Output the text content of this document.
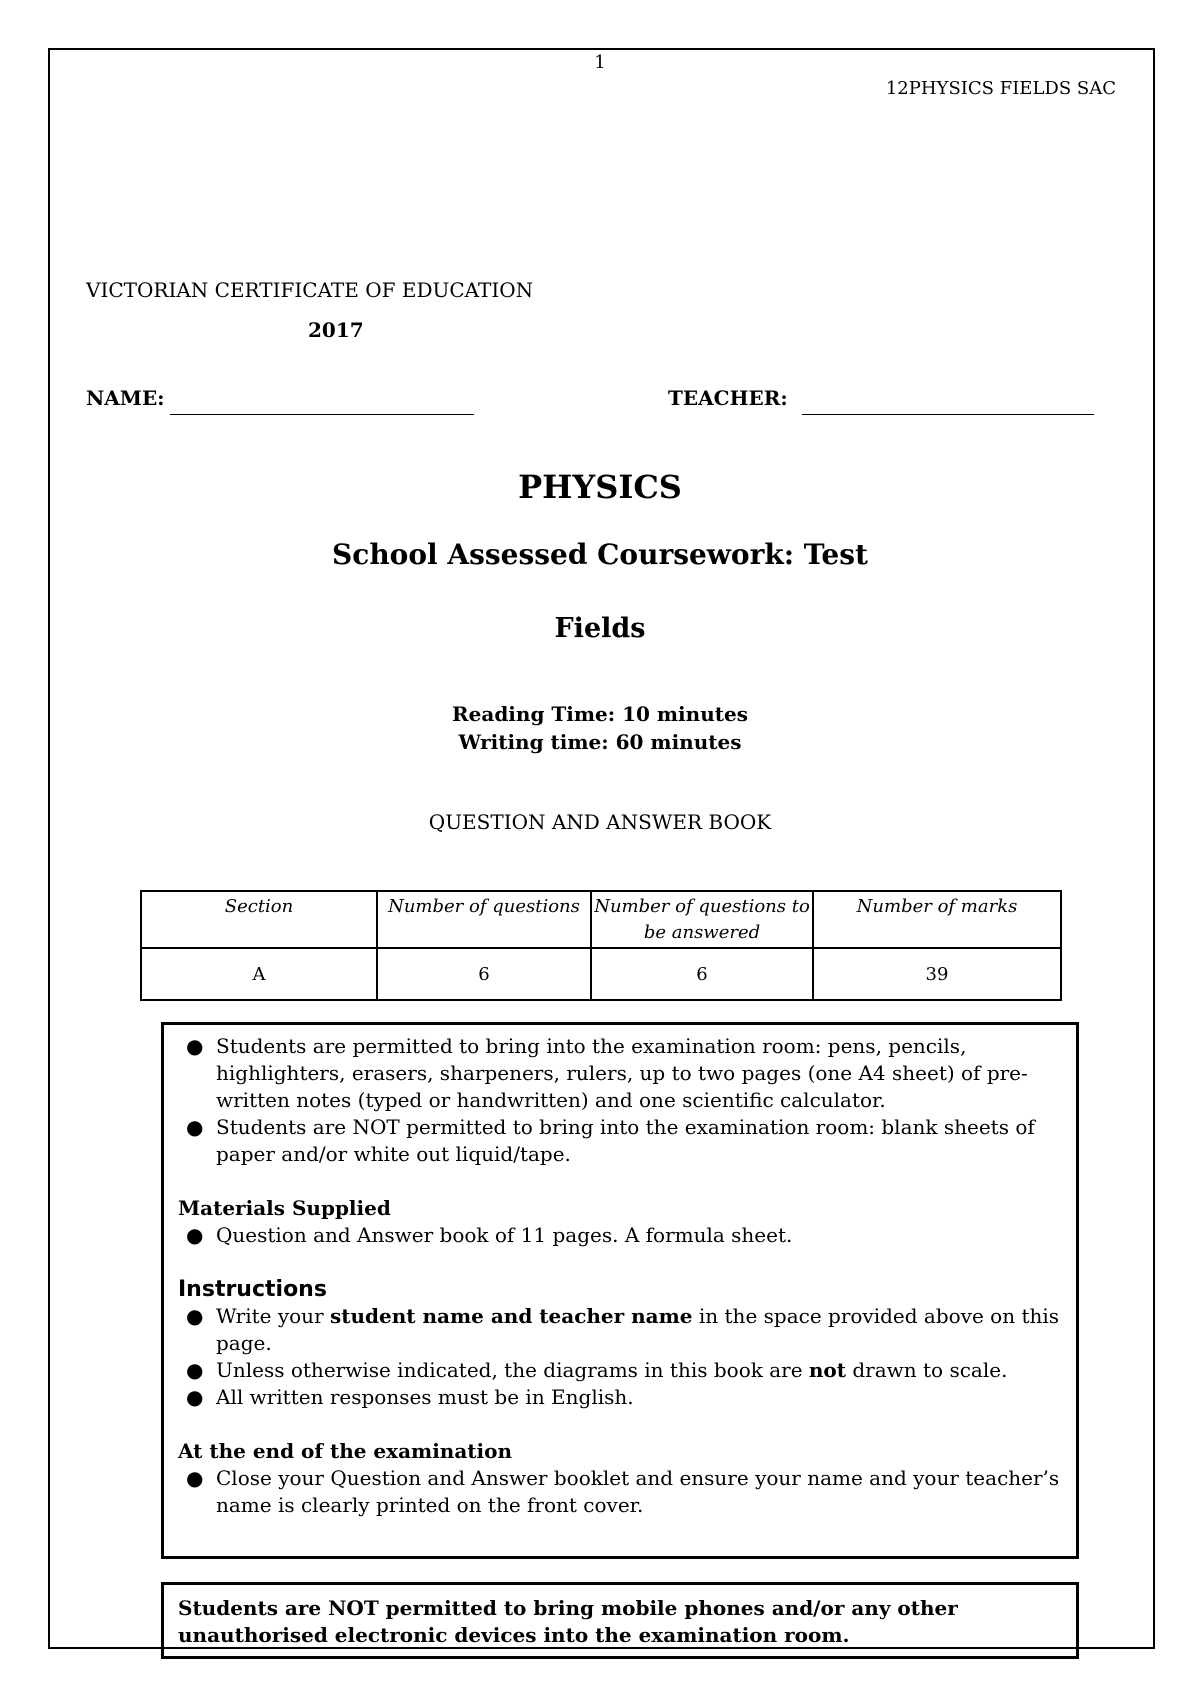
1
12PHYSICS FIELDS SAC
VICTORIAN CERTIFICATE OF EDUCATION
2017
NAME:	TEACHER:
PHYSICS
School Assessed Coursework: Test
Fields
Reading Time: 10 minutes
Writing time: 60 minutes
QUESTION AND ANSWER BOOK
Section	Number of questions	Number of questions to be answered	Number of marks
A	6	6	39
● Students are permitted to bring into the examination room: pens, pencils, highlighters, erasers, sharpeners, rulers, up to two pages (one A4 sheet) of pre-written notes (typed or handwritten) and one scientific calculator.
● Students are NOT permitted to bring into the examination room: blank sheets of paper and/or white out liquid/tape.
Materials Supplied
● Question and Answer book of 11 pages. A formula sheet.
Instructions
● Write your student name and teacher name in the space provided above on this page.
● Unless otherwise indicated, the diagrams in this book are not drawn to scale.
● All written responses must be in English.
At the end of the examination
● Close your Question and Answer booklet and ensure your name and your teacher’s name is clearly printed on the front cover.
Students are NOT permitted to bring mobile phones and/or any other unauthorised electronic devices into the examination room.
